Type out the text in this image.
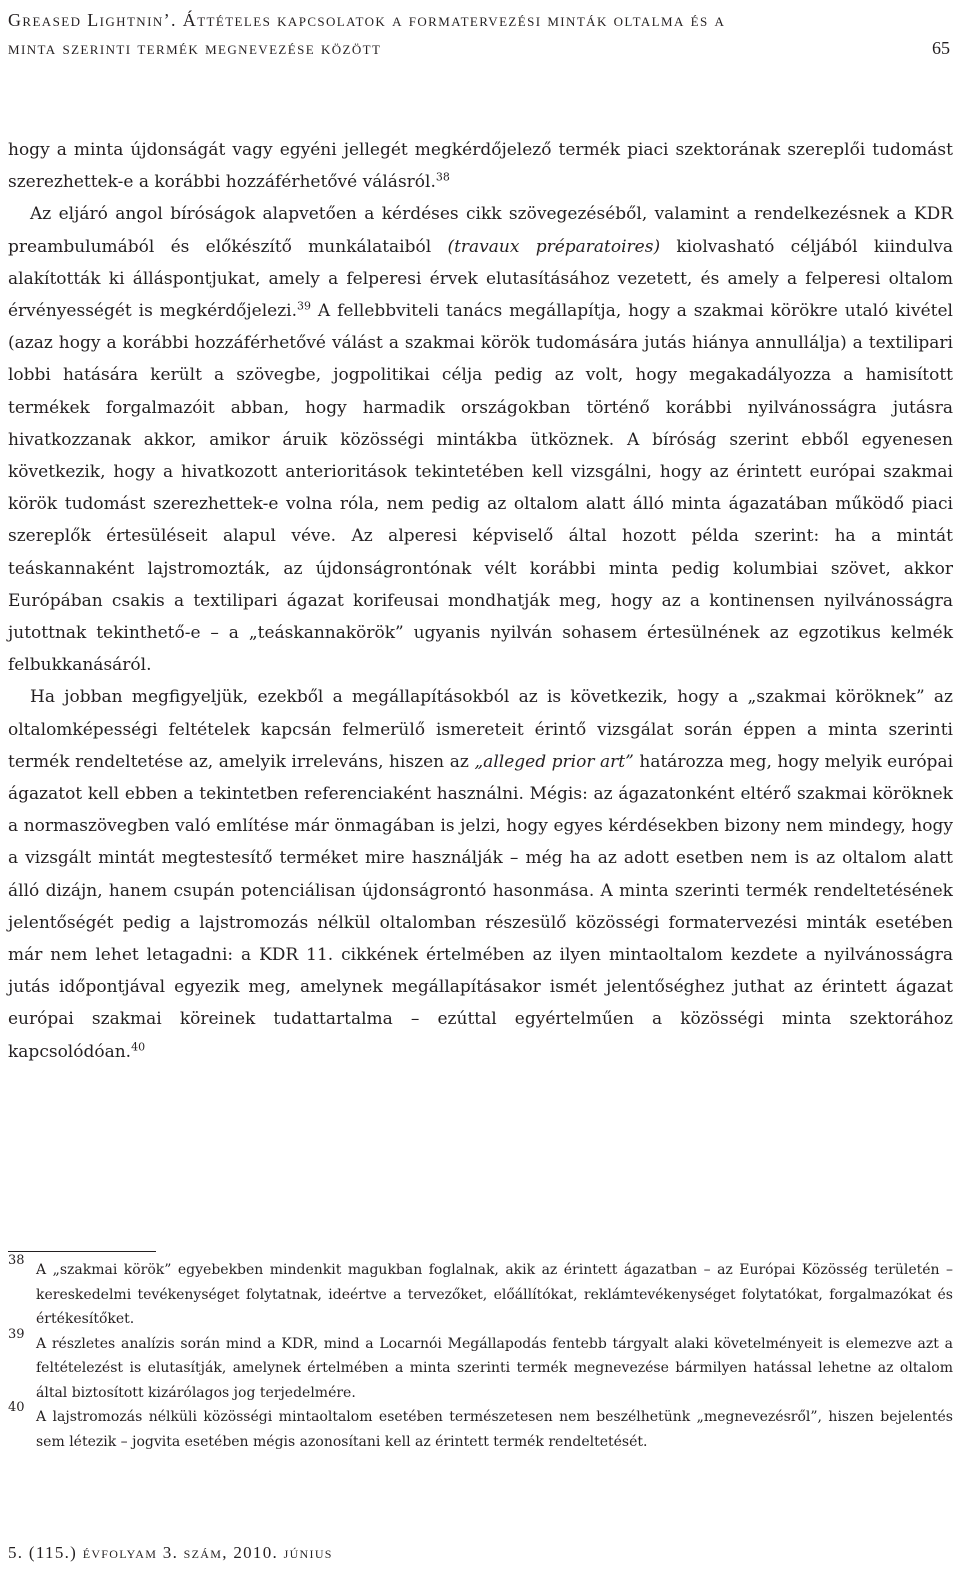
Greased Lightnin’. Áttételes kapcsolatok a formatervezési minták oltalma és a
minta szerinti termék megnevezése között	65

hogy a minta újdonságát vagy egyéni jellegét megkérdőjelező termék piaci szektorának szereplői tudomást szerezhettek-e a korábbi hozzáférhetővé válásról.$^{38}$

Az eljáró angol bíróságok alapvetően a kérdéses cikk szövegezéséből, valamint a rendelkezésnek a KDR preambulumából és előkészítő munkálataiból (travaux préparatoires) kiolvasható céljából kiindulva alakították ki álláspontjukat, amely a felperesi érvek elutasításához vezetett, és amely a felperesi oltalom érvényességét is megkérdőjelezi.$^{39}$ A fellebbviteli tanács megállapítja, hogy a szakmai körökre utaló kivétel (azaz hogy a korábbi hozzáférhetővé válást a szakmai körök tudomására jutás hiánya annullálja) a textilipari lobbi hatására került a szövegbe, jogpolitikai célja pedig az volt, hogy megakadályozza a hamisított termékek forgalmazóit abban, hogy harmadik országokban történő korábbi nyilvánosságra jutásra hivatkozzanak akkor, amikor áruik közösségi mintákba ütköznek. A bíróság szerint ebből egyenesen következik, hogy a hivatkozott anterioritások tekintetében kell vizsgálni, hogy az érintett európai szakmai körök tudomást szerezhettek-e volna róla, nem pedig az oltalom alatt álló minta ágazatában működő piaci szereplők értesüléseit alapul véve. Az alperesi képviselő által hozott példa szerint: ha a mintát teáskannaként lajstromozták, az újdonságrontónak vélt korábbi minta pedig kolumbiai szövet, akkor Európában csakis a textilipari ágazat korifeusai mondhatják meg, hogy az a kontinensen nyilvánosságra jutottnak tekinthető-e – a „teáskannakörök” ugyanis nyilván sohasem értesülnének az egzotikus kelmék felbukkanásáról.

Ha jobban megfigyeljük, ezekből a megállapításokból az is következik, hogy a „szakmai köröknek” az oltalomképességi feltételek kapcsán felmerülő ismereteit érintő vizsgálat során éppen a minta szerinti termék rendeltetése az, amelyik irreleváns, hiszen az „alleged prior art” határozza meg, hogy melyik európai ágazatot kell ebben a tekintetben referenciaként használni. Mégis: az ágazatonként eltérő szakmai köröknek a normaszövegben való említése már önmagában is jelzi, hogy egyes kérdésekben bizony nem mindegy, hogy a vizsgált mintát megtestesítő terméket mire használják – még ha az adott esetben nem is az oltalom alatt álló dizájn, hanem csupán potenciálisan újdonságrontó hasonmása. A minta szerinti termék rendeltetésének jelentőségét pedig a lajstromozás nélkül oltalomban részesülő közösségi formatervezési minták esetében már nem lehet letagadni: a KDR 11. cikkének értelmében az ilyen mintaoltalom kezdete a nyilvánosságra jutás időpontjával egyezik meg, amelynek megállapításakor ismét jelentőséghez juthat az érintett ágazat európai szakmai köreinek tudattartalma – ezúttal egyértelműen a közösségi minta szektorához kapcsolódóan.$^{40}$

38
A „szakmai körök” egyebekben mindenkit magukban foglalnak, akik az érintett ágazatban – az Európai Közösség területén – kereskedelmi tevékenységet folytatnak, ideértve a tervezőket, előállítókat, reklámtevékenységet folytatókat, forgalmazókat és értékesítőket.
39
A részletes analízis során mind a KDR, mind a Locarnói Megállapodás fentebb tárgyalt alaki követelményeit is elemezve azt a feltételezést is elutasítják, amelynek értelmében a minta szerinti termék megnevezése bármilyen hatással lehetne az oltalom által biztosított kizárólagos jog terjedelmére.
40
A lajstromozás nélküli közösségi mintaoltalom esetében természetesen nem beszélhetünk „megnevezésről”, hiszen bejelentés sem létezik – jogvita esetében mégis azonosítani kell az érintett termék rendeltetését.
5. (115.) évfolyam 3. szám, 2010. június
